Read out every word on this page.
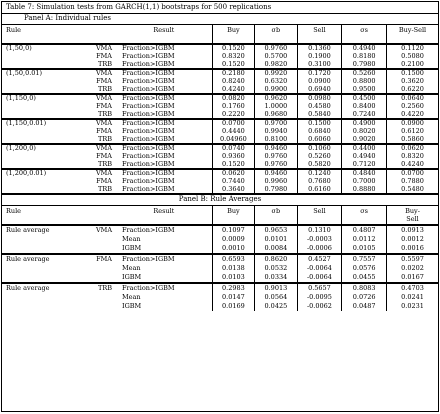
Table 7: Simulation tests from GARCH(1,1) bootstraps for 500 replications
Panel A: Individual rules
Rule		Result	Buy	σb	Sell	σs	Buy-Sell
(1,50,0)	VMA	Fraction>IGBM	0.1520	0.9760	0.1360	0.4940	0.1120
	FMA	Fraction>IGBM	0.8320	0.5700	0.1900	0.8180	0.5080
	TRB	Fraction>IGBM	0.1520	0.9820	0.3100	0.7980	0.2100
(1,50,0.01)	VMA	Fraction>IGBM	0.2180	0.9920	0.1720	0.5260	0.1500
	FMA	Fraction>IGBM	0.8240	0.6320	0.0900	0.8800	0.3620
	TRB	Fraction>IGBM	0.4240	0.9900	0.6940	0.9500	0.6220
(1,150,0)	VMA	Fraction>IGBM	0.0820	0.9620	0.0980	0.4500	0.0640
	FMA	Fraction>IGBM	0.1760	1.0000	0.4580	0.8400	0.2560
	TRB	Fraction>IGBM	0.2220	0.9680	0.5840	0.7240	0.4220
(1,150,0.01)	VMA	Fraction>IGBM	0.0700	0.9700	0.1500	0.4900	0.0900
	FMA	Fraction>IGBM	0.4440	0.9940	0.6840	0.8020	0.6120
	TRB	Fraction>IGBM	0.04960	0.8100	0.6060	0.9020	0.5860
(1,200,0)	VMA	Fraction>IGBM	0.0740	0.9460	0.1060	0.4400	0.0620
	FMA	Fraction>IGBM	0.9360	0.9760	0.5260	0.4940	0.8320
	TRB	Fraction>IGBM	0.1520	0.9760	0.5820	0.7120	0.4240
(1,200,0.01)	VMA	Fraction>IGBM	0.0620	0.9460	0.1240	0.4840	0.0700
	FMA	Fraction>IGBM	0.7440	0.9960	0.7680	0.7000	0.7880
	TRB	Fraction>IGBM	0.3640	0.7980	0.6160	0.8880	0.5480
Panel B: Rule Averages
Rule		Result	Buy	σb	Sell	σs	Buy-
Sell
Rule average	VMA	Fraction>IGBM	0.1097	0.9653	0.1310	0.4807	0.0913
		Mean	0.0009	0.0101	-0.0003	0.0112	0.0012
		IGBM	0.0010	0.0084	-0.0006	0.0105	0.0016
Rule average	FMA	Fraction>IGBM	0.6593	0.8620	0.4527	0.7557	0.5597
		Mean	0.0138	0.0532	-0.0064	0.0576	0.0202
		IGBM	0.0103	0.0334	-0.0064	0.0455	0.0167
Rule average	TRB	Fraction>IGBM	0.2983	0.9013	0.5657	0.8083	0.4703
		Mean	0.0147	0.0564	-0.0095	0.0726	0.0241
		IGBM	0.0169	0.0425	-0.0062	0.0487	0.0231
